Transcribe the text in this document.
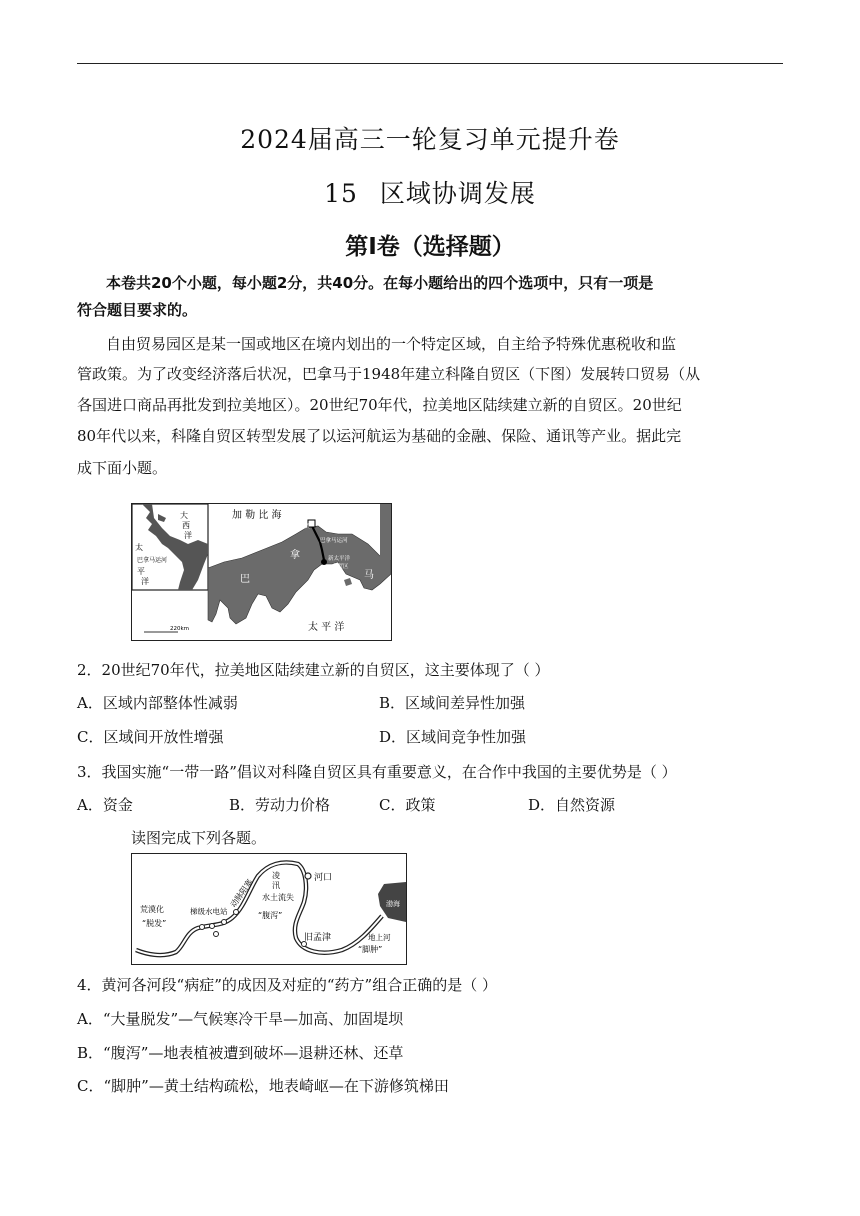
2024届高三一轮复习单元提升卷
15 区域协调发展
第Ⅰ卷（选择题）
本卷共20个小题，每小题2分，共40分。在每小题给出的四个选项中，只有一项是
符合题目要求的。
自由贸易园区是某一国或地区在境内划出的一个特定区域，自主给予特殊优惠税收和监
管政策。为了改变经济落后状况，巴拿马于1948年建立科隆自贸区（下图）发展转口贸易（从
各国进口商品再批发到拉美地区）。20世纪70年代，拉美地区陆续建立新的自贸区。20世纪
80年代以来，科隆自贸区转型发展了以运河航运为基础的金融、保险、通讯等产业。据此完
成下面小题。
大
西
洋
太
平
洋
巴拿马运河
加 勒 比 海
科隆自贸
巴拿马运河
新太平洋
自贸区
巴
拿
马
太 平 洋
220km
2．20世纪70年代，拉美地区陆续建立新的自贸区，这主要体现了（ ）
A．区域内部整体性减弱	B．区域间差异性加强
C．区域间开放性增强	D．区域间竞争性加强
3．我国实施“一带一路”倡议对科隆自贸区具有重要意义，在合作中我国的主要优势是（ ）
A．资金	B．劳动力价格	C．政策	D．自然资源
读图完成下列各题。
荒漠化
“脱发”
梯级水电站
动脉阻塞
凌
汛
水土流失
“腹泻”
河口
渤海
旧孟津	地上河
“脚肿”
4．黄河各河段“病症”的成因及对症的“药方”组合正确的是（ ）
A．“大量脱发”—气候寒冷干旱—加高、加固堤坝
B．“腹泻”—地表植被遭到破坏—退耕还林、还草
C．“脚肿”—黄土结构疏松，地表崎岖—在下游修筑梯田
